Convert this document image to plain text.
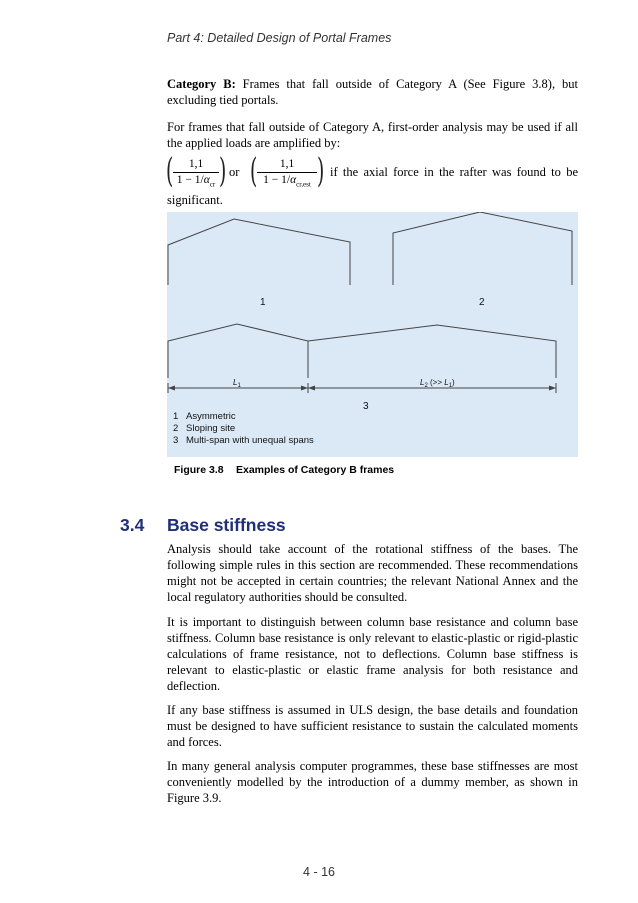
Part 4: Detailed Design of Portal Frames

Category B: Frames that fall outside of Category A (See Figure 3.8), but excluding tied portals.

For frames that fall outside of Category A, first-order analysis may be used if all the applied loads are amplified by:

(	1,1
$1 - 1/\alpha_{cr}$ ) or (	1,1
$1 - 1/\alpha_{cr,est}$ ) if the axial force in the rafter was found to be

significant.

1	2
3
$L_1$	$L_2$ (>> $L_1$)
1 Asymmetric
2 Sloping site
3 Multi-span with unequal spans
Figure 3.8 Examples of Category B frames
3.4 Base stiffness

Analysis should take account of the rotational stiffness of the bases. The following simple rules in this section are recommended. These recommendations might not be accepted in certain countries; the relevant National Annex and the local regulatory authorities should be consulted.

It is important to distinguish between column base resistance and column base stiffness. Column base resistance is only relevant to elastic-plastic or rigid-plastic calculations of frame resistance, not to deflections. Column base stiffness is relevant to elastic-plastic or elastic frame analysis for both resistance and deflection.

If any base stiffness is assumed in ULS design, the base details and foundation must be designed to have sufficient resistance to sustain the calculated moments and forces.

In many general analysis computer programmes, these base stiffnesses are most conveniently modelled by the introduction of a dummy member, as shown in Figure 3.9.

4 - 16
